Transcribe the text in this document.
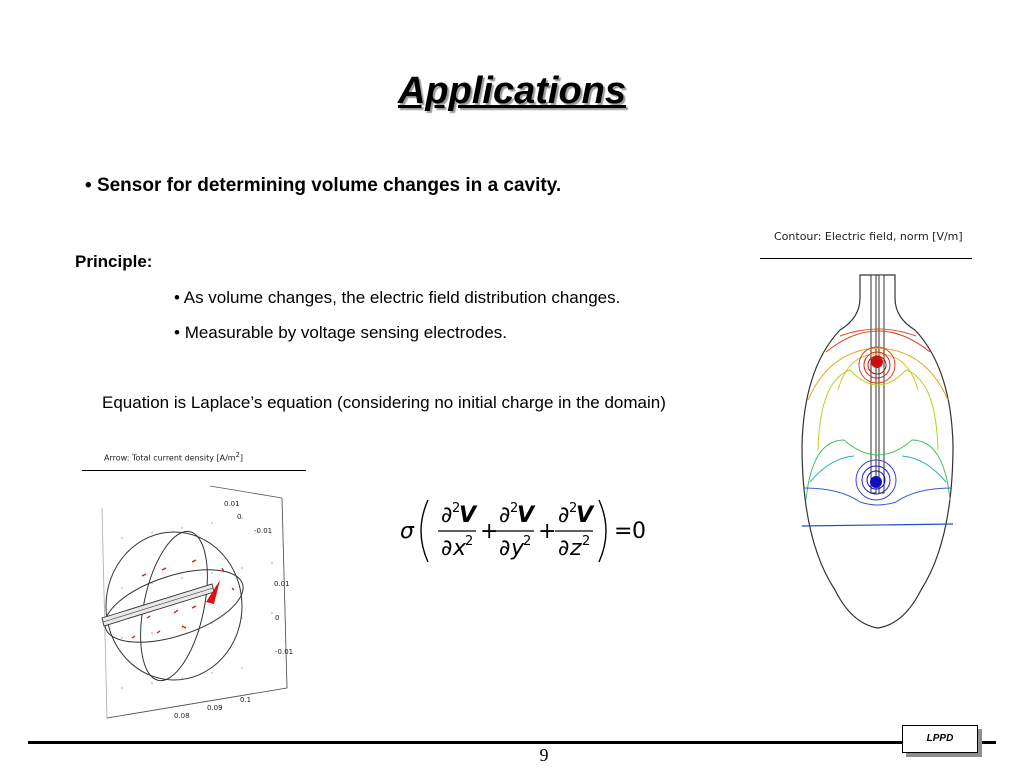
Applications
• Sensor for determining volume changes in a cavity.
Principle:
• As volume changes, the electric field distribution changes.
• Measurable by voltage sensing electrodes.
Equation is Laplace’s equation (considering no initial charge in the domain)
σ
∂ 2
V
∂ x
2 +
∂ 2
V
∂ y
2 +
∂ 2
V
∂ z 2 = 0
Contour: Electric field, norm [V/m]
Arrow: Total current density $[A/m^2]$
0.01
0
-0.01
0.01
0
-0.01
0.1
0.09
0.08
9
LPPD
